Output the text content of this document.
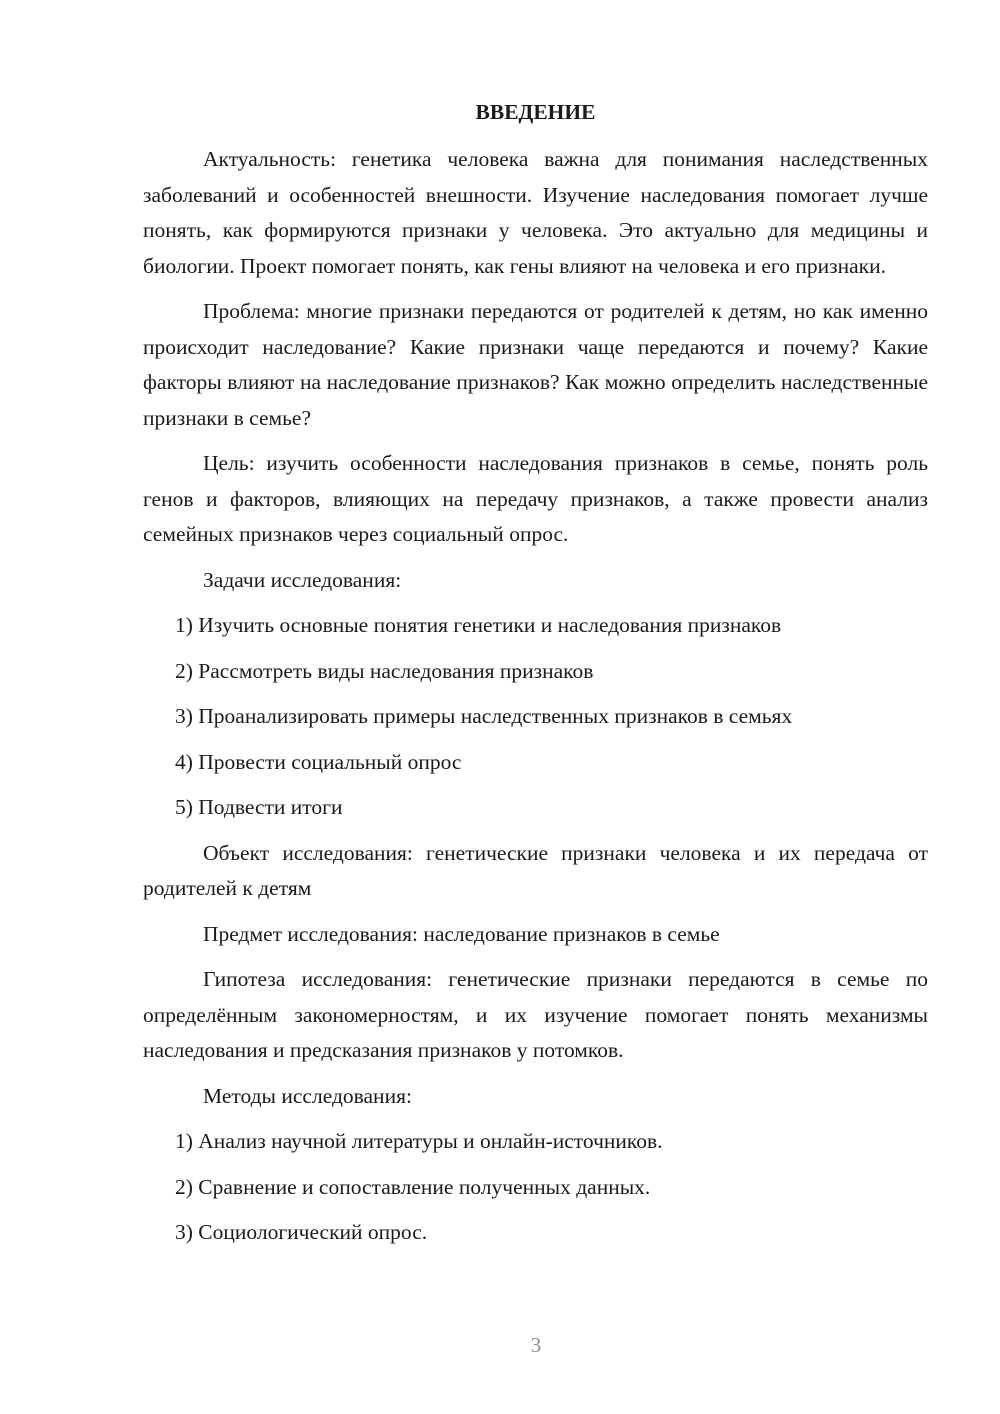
ВВЕДЕНИЕ

Актуальность: генетика человека важна для понимания наследственных заболеваний и особенностей внешности. Изучение наследования помогает лучше понять, как формируются признаки у человека. Это актуально для медицины и биологии. Проект помогает понять, как гены влияют на человека и его признаки.

Проблема: многие признаки передаются от родителей к детям, но как именно происходит наследование? Какие признаки чаще передаются и почему? Какие факторы влияют на наследование признаков? Как можно определить наследственные признаки в семье?

Цель: изучить особенности наследования признаков в семье, понять роль генов и факторов, влияющих на передачу признаков, а также провести анализ семейных признаков через социальный опрос.

Задачи исследования:

1) Изучить основные понятия генетики и наследования признаков

2) Рассмотреть виды наследования признаков

3) Проанализировать примеры наследственных признаков в семьях

4) Провести социальный опрос

5) Подвести итоги

Объект исследования: генетические признаки человека и их передача от родителей к детям

Предмет исследования: наследование признаков в семье

Гипотеза исследования: генетические признаки передаются в семье по определённым закономерностям, и их изучение помогает понять механизмы наследования и предсказания признаков у потомков.

Методы исследования:

1) Анализ научной литературы и онлайн-источников.

2) Сравнение и сопоставление полученных данных.

3) Социологический опрос.

3
